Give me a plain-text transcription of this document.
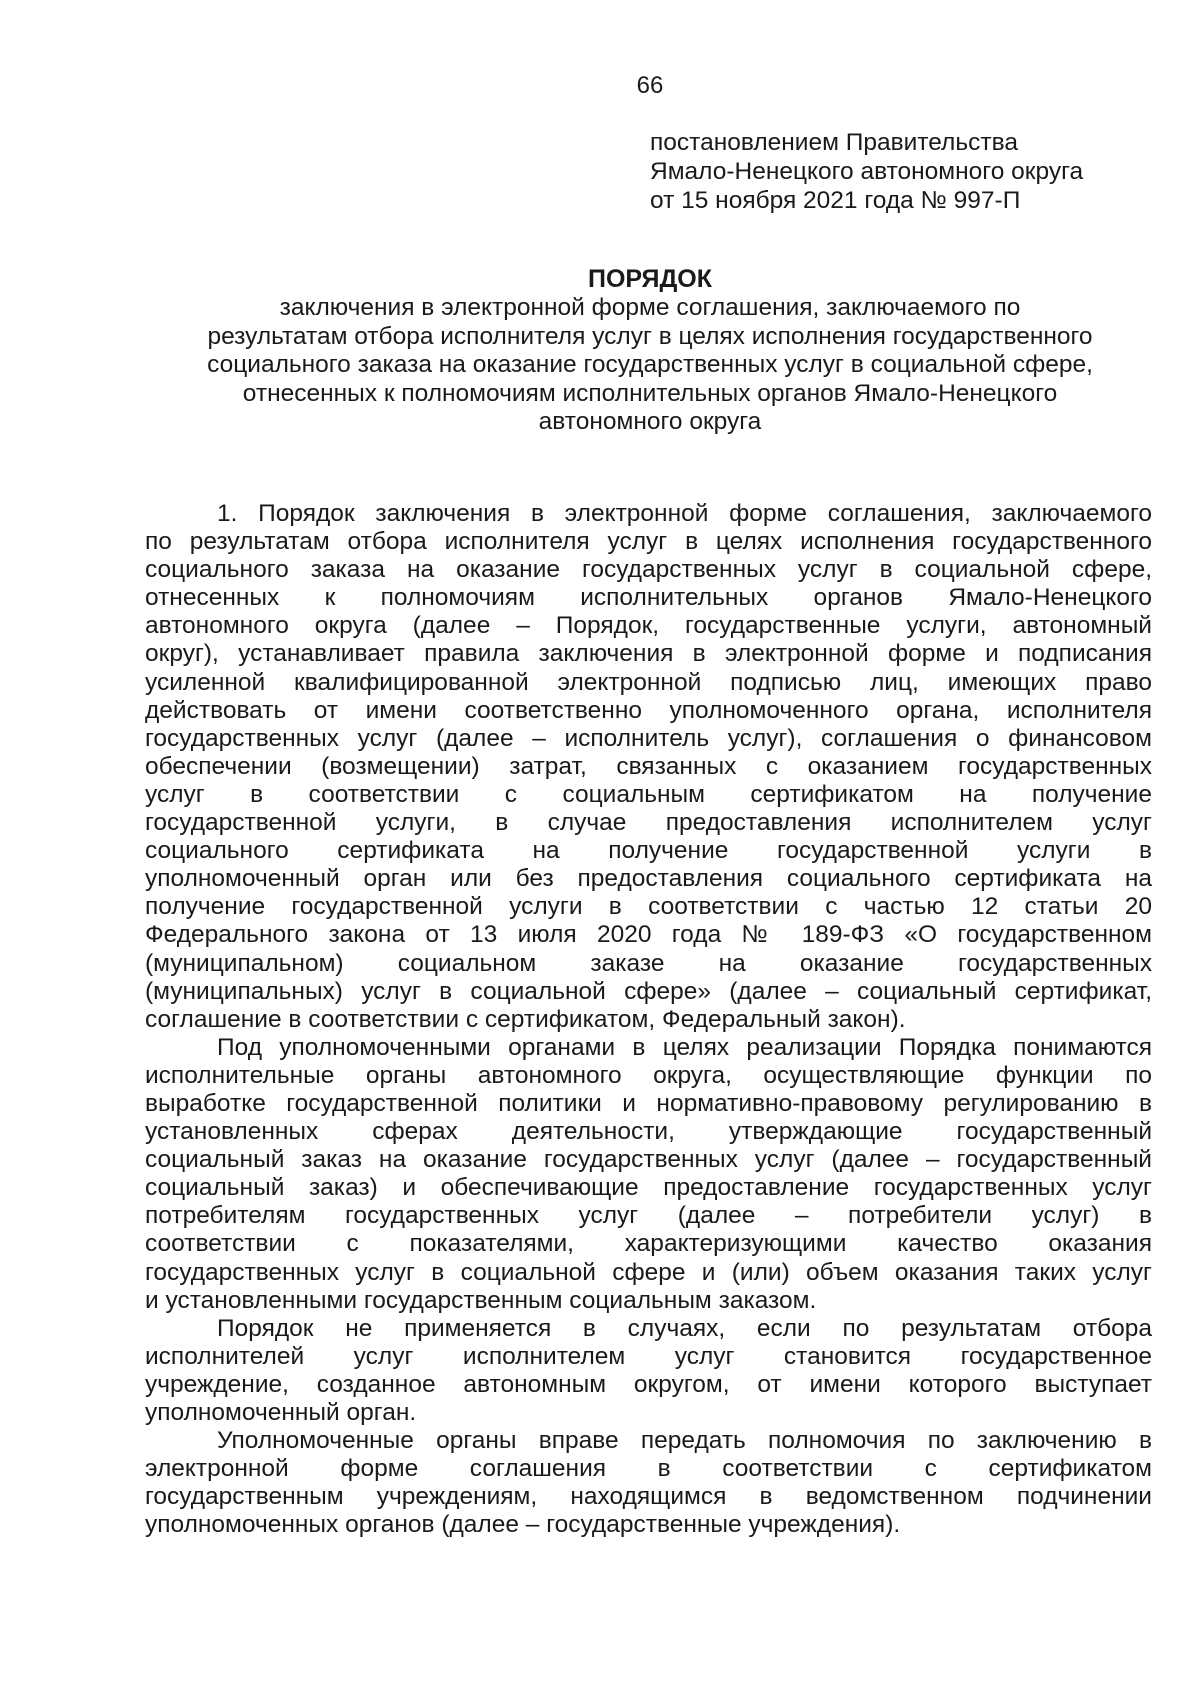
66
постановлением Правительства
Ямало-Ненецкого автономного округа
от 15 ноября 2021 года № 997-П
ПОРЯДОК
заключения в электронной форме соглашения, заключаемого по
результатам отбора исполнителя услуг в целях исполнения государственного
социального заказа на оказание государственных услуг в социальной сфере,
отнесенных к полномочиям исполнительных органов Ямало-Ненецкого
автономного округа
1. Порядок заключения в электронной форме соглашения, заключаемого
по результатам отбора исполнителя услуг в целях исполнения государственного
социального заказа на оказание государственных услуг в социальной сфере,
отнесенных к полномочиям исполнительных органов Ямало-Ненецкого
автономного округа (далее – Порядок, государственные услуги, автономный
округ), устанавливает правила заключения в электронной форме и подписания
усиленной квалифицированной электронной подписью лиц, имеющих право
действовать от имени соответственно уполномоченного органа, исполнителя
государственных услуг (далее – исполнитель услуг), соглашения о финансовом
обеспечении (возмещении) затрат, связанных с оказанием государственных
услуг в соответствии с социальным сертификатом на получение
государственной услуги, в случае предоставления исполнителем услуг
социального сертификата на получение государственной услуги в
уполномоченный орган или без предоставления социального сертификата на
получение государственной услуги в соответствии с частью 12 статьи 20
Федерального закона от 13 июля 2020 года № 189-ФЗ «О государственном
(муниципальном) социальном заказе на оказание государственных
(муниципальных) услуг в социальной сфере» (далее – социальный сертификат,
соглашение в соответствии с сертификатом, Федеральный закон).
Под уполномоченными органами в целях реализации Порядка понимаются
исполнительные органы автономного округа, осуществляющие функции по
выработке государственной политики и нормативно-правовому регулированию в
установленных сферах деятельности, утверждающие государственный
социальный заказ на оказание государственных услуг (далее – государственный
социальный заказ) и обеспечивающие предоставление государственных услуг
потребителям государственных услуг (далее – потребители услуг) в
соответствии с показателями, характеризующими качество оказания
государственных услуг в социальной сфере и (или) объем оказания таких услуг
и установленными государственным социальным заказом.
Порядок не применяется в случаях, если по результатам отбора
исполнителей услуг исполнителем услуг становится государственное
учреждение, созданное автономным округом, от имени которого выступает
уполномоченный орган.
Уполномоченные органы вправе передать полномочия по заключению в
электронной форме соглашения в соответствии с сертификатом
государственным учреждениям, находящимся в ведомственном подчинении
уполномоченных органов (далее – государственные учреждения).
